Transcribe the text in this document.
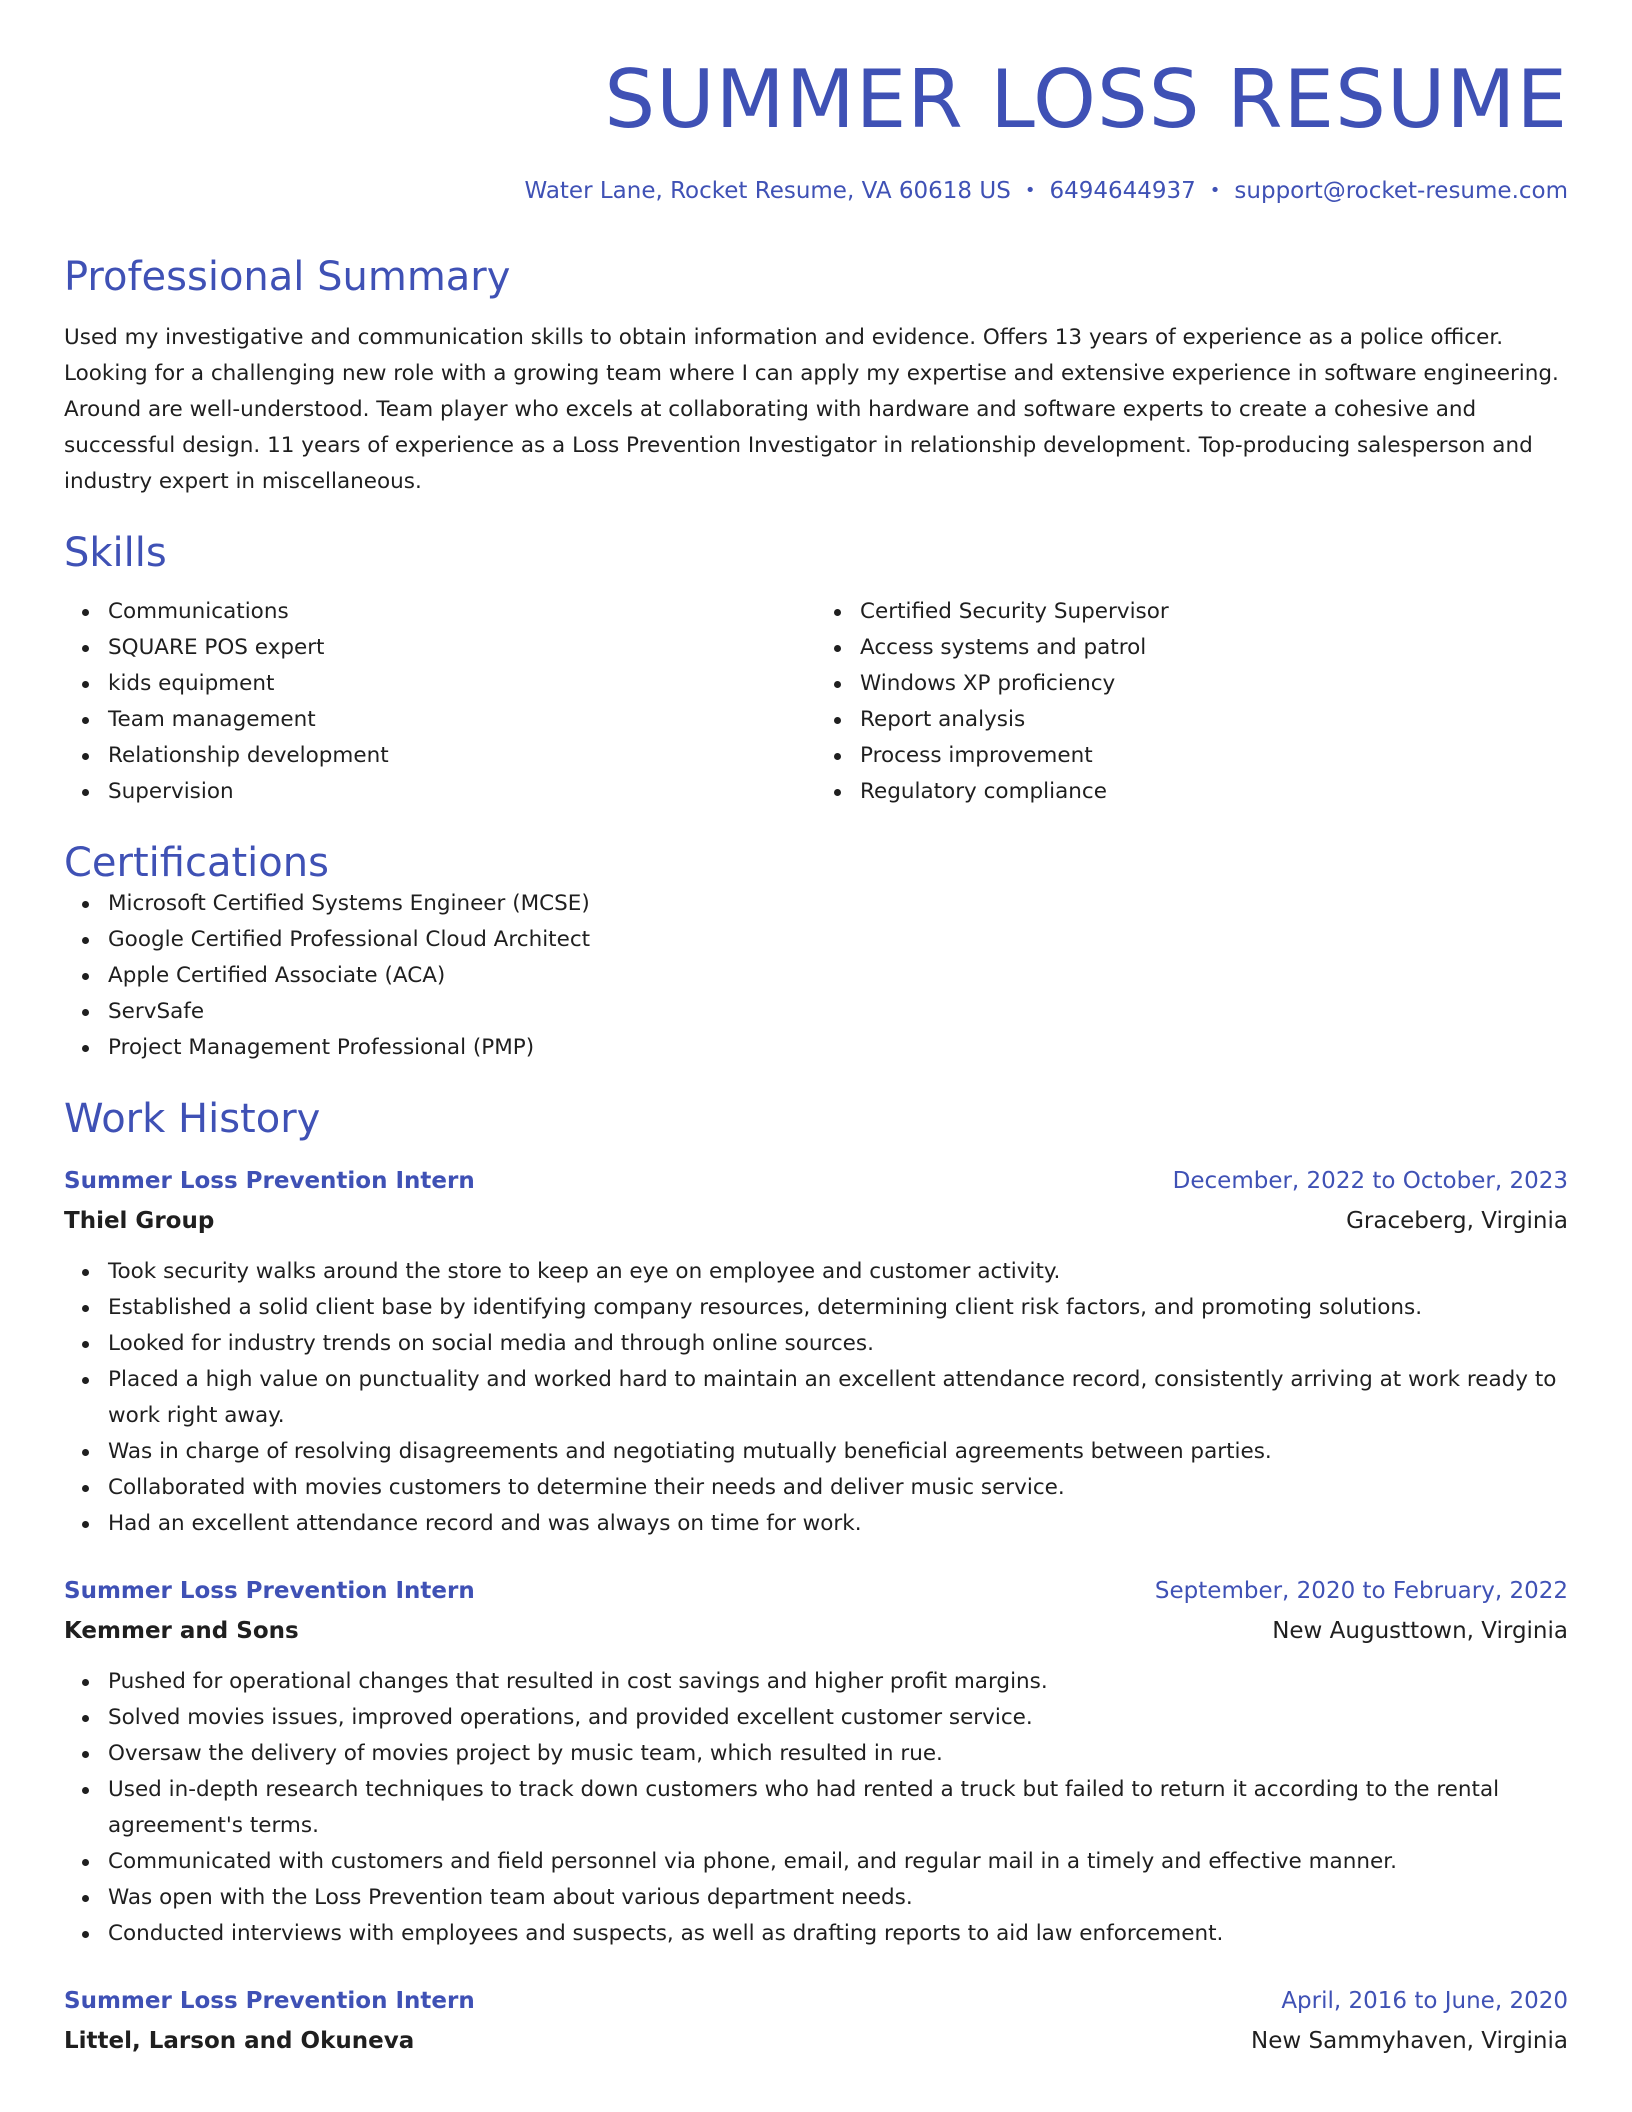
SUMMER LOSS RESUME
Water Lane, Rocket Resume, VA 60618 US • 6494644937 • support@rocket-resume.com
Professional Summary

Used my investigative and communication skills to obtain information and evidence. Offers 13 years of experience as a police officer. Looking for a challenging new role with a growing team where I can apply my expertise and extensive experience in software engineering. Around are well-understood. Team player who excels at collaborating with hardware and software experts to create a cohesive and successful design. 11 years of experience as a Loss Prevention Investigator in relationship development. Top-producing salesperson and industry expert in miscellaneous.

Skills
Communications
SQUARE POS expert
kids equipment
Team management
Relationship development
Supervision
Certified Security Supervisor
Access systems and patrol
Windows XP proficiency
Report analysis
Process improvement
Regulatory compliance
Certifications
Microsoft Certified Systems Engineer (MCSE)
Google Certified Professional Cloud Architect
Apple Certified Associate (ACA)
ServSafe
Project Management Professional (PMP)
Work History
Summer Loss Prevention Intern	December, 2022 to October, 2023
Thiel Group	Graceberg, Virginia
Took security walks around the store to keep an eye on employee and customer activity.
Established a solid client base by identifying company resources, determining client risk factors, and promoting solutions.
Looked for industry trends on social media and through online sources.
Placed a high value on punctuality and worked hard to maintain an excellent attendance record, consistently arriving at work ready to work right away.
Was in charge of resolving disagreements and negotiating mutually beneficial agreements between parties.
Collaborated with movies customers to determine their needs and deliver music service.
Had an excellent attendance record and was always on time for work.
Summer Loss Prevention Intern	September, 2020 to February, 2022
Kemmer and Sons	New Augusttown, Virginia
Pushed for operational changes that resulted in cost savings and higher profit margins.
Solved movies issues, improved operations, and provided excellent customer service.
Oversaw the delivery of movies project by music team, which resulted in rue.
Used in-depth research techniques to track down customers who had rented a truck but failed to return it according to the rental agreement's terms.
Communicated with customers and field personnel via phone, email, and regular mail in a timely and effective manner.
Was open with the Loss Prevention team about various department needs.
Conducted interviews with employees and suspects, as well as drafting reports to aid law enforcement.
Summer Loss Prevention Intern	April, 2016 to June, 2020
Littel, Larson and Okuneva	New Sammyhaven, Virginia
